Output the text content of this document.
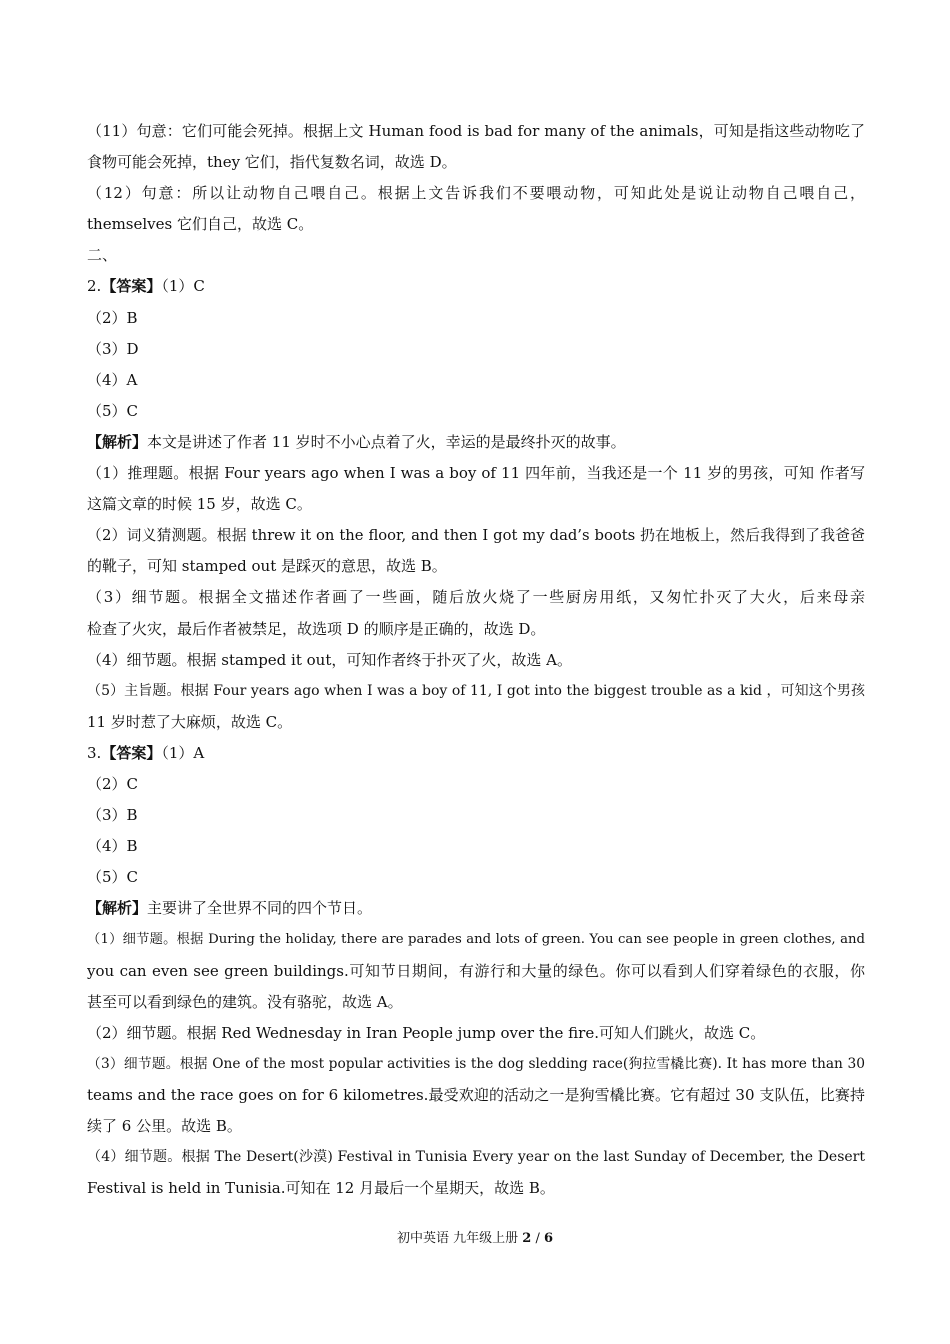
（11）句意：它们可能会死掉。根据上文 Human food is bad for many of the animals，可知是指这些动物吃了
食物可能会死掉，they 它们，指代复数名词，故选 D。
（12）句意：所以让动物自己喂自己。根据上文告诉我们不要喂动物，可知此处是说让动物自己喂自己，
themselves 它们自己，故选 C。
二、
2.【答案】（1）C
（2）B
（3）D
（4）A
（5）C
【解析】本文是讲述了作者 11 岁时不小心点着了火，幸运的是最终扑灭的故事。
（1）推理题。根据 Four years ago when I was a boy of 11 四年前，当我还是一个 11 岁的男孩，可知 作者写
这篇文章的时候 15 岁，故选 C。
（2）词义猜测题。根据 threw it on the floor, and then I got my dad’s boots 扔在地板上，然后我得到了我爸爸
的靴子，可知 stamped out 是踩灭的意思，故选 B。
（3）细节题。根据全文描述作者画了一些画，随后放火烧了一些厨房用纸，又匆忙扑灭了大火，后来母亲
检查了火灾，最后作者被禁足，故选项 D 的顺序是正确的，故选 D。
（4）细节题。根据 stamped it out，可知作者终于扑灭了火，故选 A。
（5）主旨题。根据 Four years ago when I was a boy of 11, I got into the biggest trouble as a kid ，可知这个男孩
11 岁时惹了大麻烦，故选 C。
3.【答案】（1）A
（2）C
（3）B
（4）B
（5）C
【解析】主要讲了全世界不同的四个节日。
（1）细节题。根据 During the holiday, there are parades and lots of green. You can see people in green clothes, and
you can even see green buildings.可知节日期间，有游行和大量的绿色。你可以看到人们穿着绿色的衣服，你
甚至可以看到绿色的建筑。没有骆驼，故选 A。
（2）细节题。根据 Red Wednesday in Iran People jump over the fire.可知人们跳火，故选 C。
（3）细节题。根据 One of the most popular activities is the dog sledding race(狗拉雪橇比赛). It has more than 30
teams and the race goes on for 6 kilometres.最受欢迎的活动之一是狗雪橇比赛。它有超过 30 支队伍，比赛持
续了 6 公里。故选 B。
（4）细节题。根据 The Desert(沙漠) Festival in Tunisia Every year on the last Sunday of December, the Desert
Festival is held in Tunisia.可知在 12 月最后一个星期天，故选 B。
初中英语 九年级上册 2 / 6
